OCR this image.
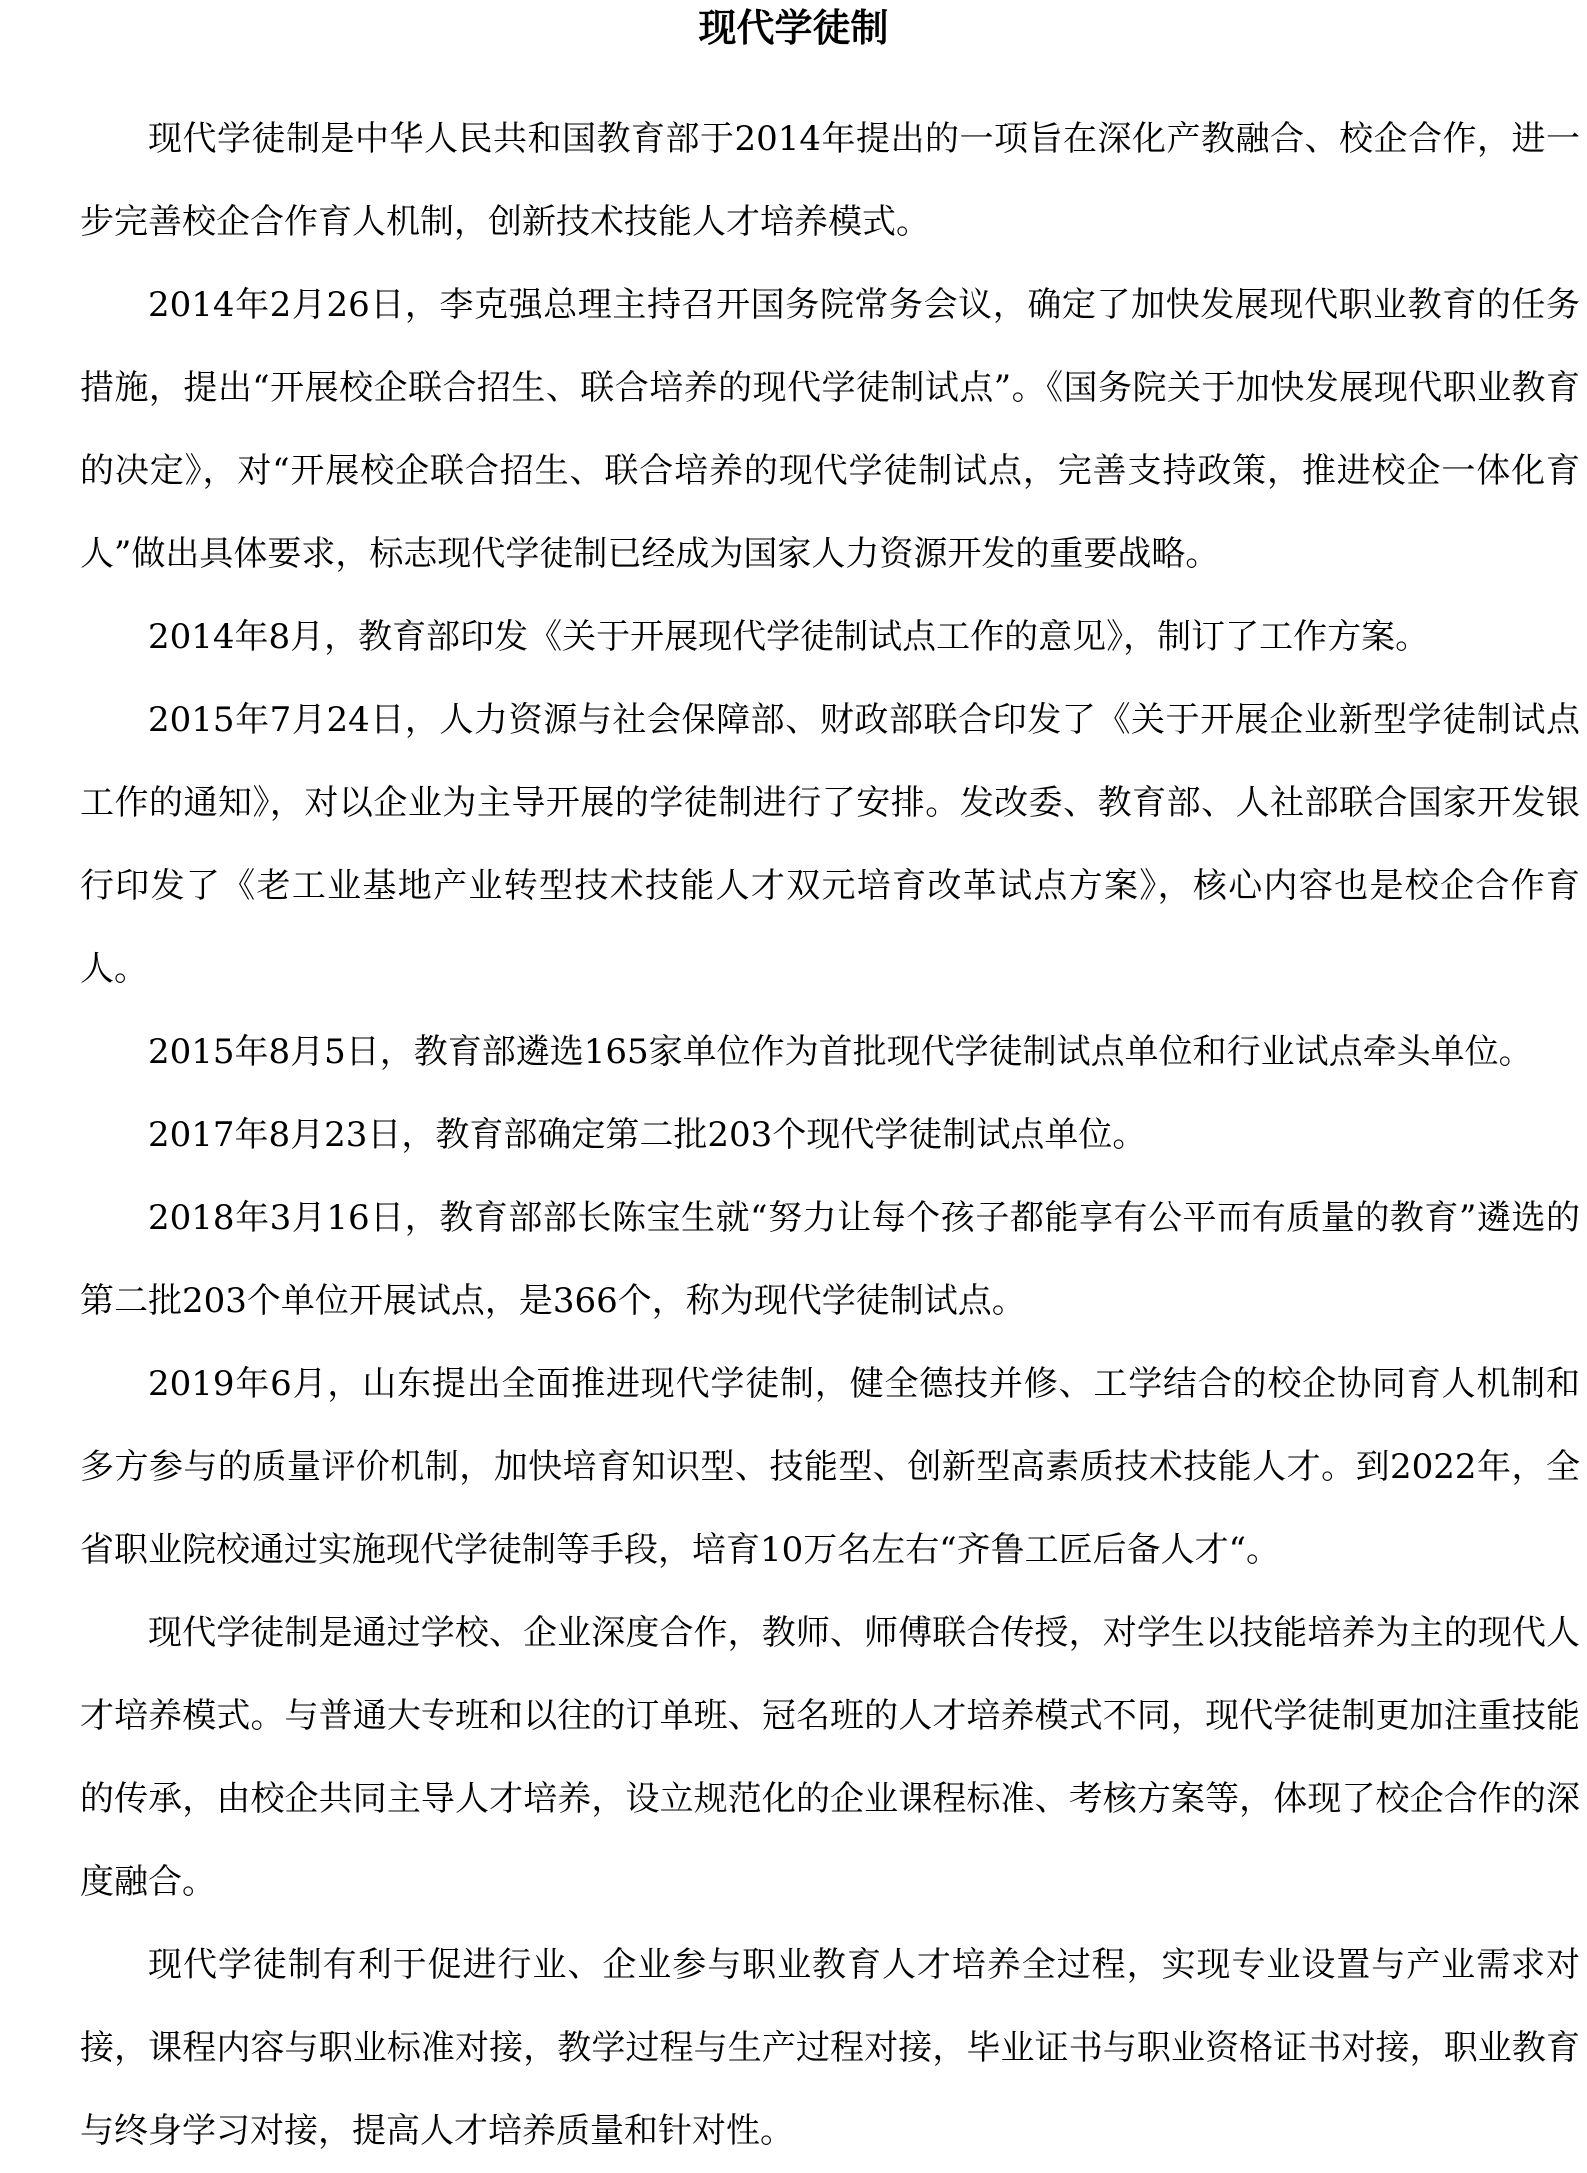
现代学徒制

现代学徒制是中华人民共和国教育部于2014年提出的一项旨在深化产教融合、校企合作，进一步完善校企合作育人机制，创新技术技能人才培养模式。

2014年2月26日，李克强总理主持召开国务院常务会议，确定了加快发展现代职业教育的任务措施，提出“开展校企联合招生、联合培养的现代学徒制试点”。《国务院关于加快发展现代职业教育的决定》，对“开展校企联合招生、联合培养的现代学徒制试点，完善支持政策，推进校企一体化育人”做出具体要求，标志现代学徒制已经成为国家人力资源开发的重要战略。

2014年8月，教育部印发《关于开展现代学徒制试点工作的意见》，制订了工作方案。

2015年7月24日，人力资源与社会保障部、财政部联合印发了《关于开展企业新型学徒制试点工作的通知》，对以企业为主导开展的学徒制进行了安排。发改委、教育部、人社部联合国家开发银行印发了《老工业基地产业转型技术技能人才双元培育改革试点方案》，核心内容也是校企合作育人。

2015年8月5日，教育部遴选165家单位作为首批现代学徒制试点单位和行业试点牵头单位。

2017年8月23日，教育部确定第二批203个现代学徒制试点单位。

2018年3月16日，教育部部长陈宝生就“努力让每个孩子都能享有公平而有质量的教育”遴选的第二批203个单位开展试点，是366个，称为现代学徒制试点。

2019年6月，山东提出全面推进现代学徒制，健全德技并修、工学结合的校企协同育人机制和多方参与的质量评价机制，加快培育知识型、技能型、创新型高素质技术技能人才。到2022年，全省职业院校通过实施现代学徒制等手段，培育10万名左右“齐鲁工匠后备人才“。

现代学徒制是通过学校、企业深度合作，教师、师傅联合传授，对学生以技能培养为主的现代人才培养模式。与普通大专班和以往的订单班、冠名班的人才培养模式不同，现代学徒制更加注重技能的传承，由校企共同主导人才培养，设立规范化的企业课程标准、考核方案等，体现了校企合作的深度融合。

现代学徒制有利于促进行业、企业参与职业教育人才培养全过程，实现专业设置与产业需求对接，课程内容与职业标准对接，教学过程与生产过程对接，毕业证书与职业资格证书对接，职业教育与终身学习对接，提高人才培养质量和针对性。
